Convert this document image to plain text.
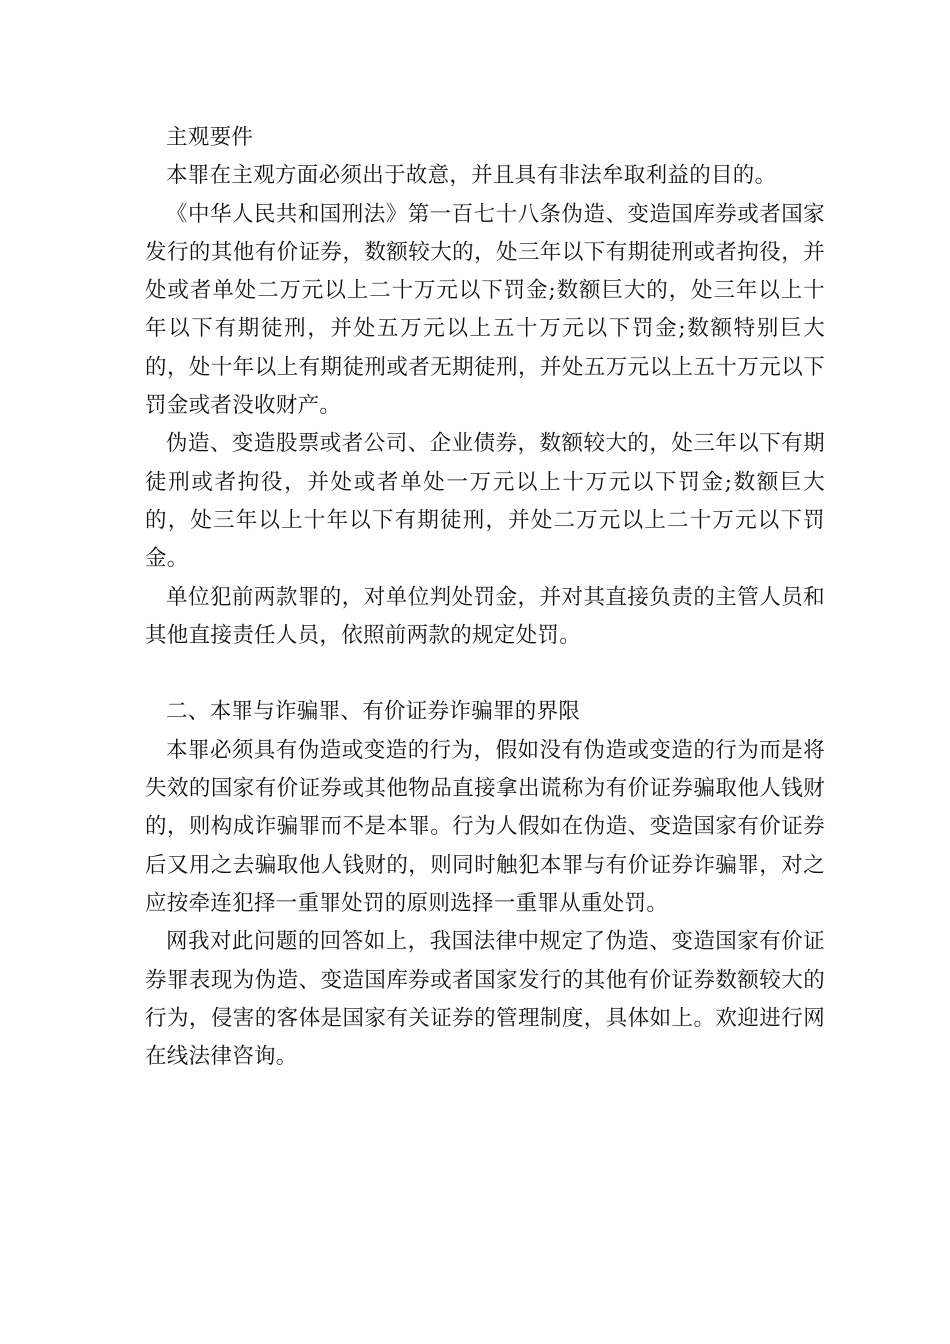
主观要件

本罪在主观方面必须出于故意，并且具有非法牟取利益的目的。

《中华人民共和国刑法》第一百七十八条伪造、变造国库券或者国家发行的其他有价证券，数额较大的，处三年以下有期徒刑或者拘役，并处或者单处二万元以上二十万元以下罚金;数额巨大的，处三年以上十年以下有期徒刑，并处五万元以上五十万元以下罚金;数额特别巨大的，处十年以上有期徒刑或者无期徒刑，并处五万元以上五十万元以下罚金或者没收财产。

伪造、变造股票或者公司、企业债券，数额较大的，处三年以下有期徒刑或者拘役，并处或者单处一万元以上十万元以下罚金;数额巨大的，处三年以上十年以下有期徒刑，并处二万元以上二十万元以下罚金。

单位犯前两款罪的，对单位判处罚金，并对其直接负责的主管人员和其他直接责任人员，依照前两款的规定处罚。

二、本罪与诈骗罪、有价证券诈骗罪的界限

本罪必须具有伪造或变造的行为，假如没有伪造或变造的行为而是将失效的国家有价证券或其他物品直接拿出谎称为有价证券骗取他人钱财的，则构成诈骗罪而不是本罪。行为人假如在伪造、变造国家有价证券后又用之去骗取他人钱财的，则同时触犯本罪与有价证券诈骗罪，对之应按牵连犯择一重罪处罚的原则选择一重罪从重处罚。

网我对此问题的回答如上，我国法律中规定了伪造、变造国家有价证券罪表现为伪造、变造国库券或者国家发行的其他有价证券数额较大的行为，侵害的客体是国家有关证券的管理制度，具体如上。欢迎进行网在线法律咨询。
